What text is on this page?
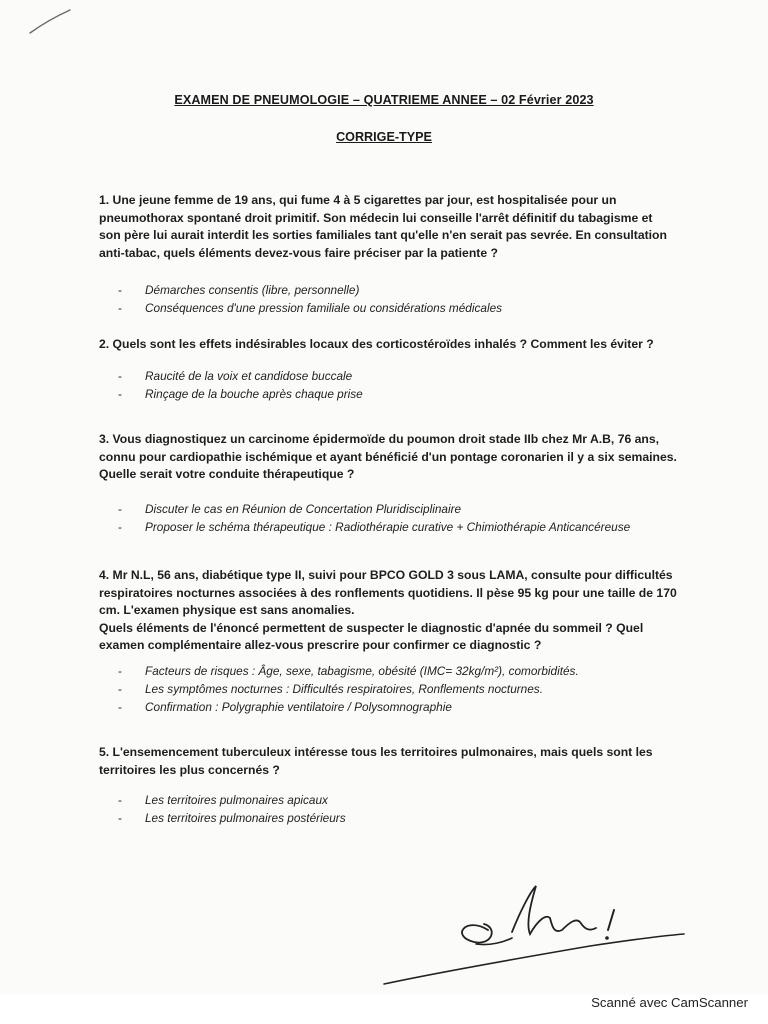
EXAMEN DE PNEUMOLOGIE – QUATRIEME ANNEE – 02 Février 2023
CORRIGE-TYPE
1. Une jeune femme de 19 ans, qui fume 4 à 5 cigarettes par jour, est hospitalisée pour un
pneumothorax spontané droit primitif. Son médecin lui conseille l'arrêt définitif du tabagisme et
son père lui aurait interdit les sorties familiales tant qu'elle n'en serait pas sevrée. En consultation
anti-tabac, quels éléments devez-vous faire préciser par la patiente ?
- Démarches consentis (libre, personnelle)
- Conséquences d'une pression familiale ou considérations médicales
2. Quels sont les effets indésirables locaux des corticostéroïdes inhalés ? Comment les éviter ?
- Raucité de la voix et candidose buccale
- Rinçage de la bouche après chaque prise
3. Vous diagnostiquez un carcinome épidermoïde du poumon droit stade IIb chez Mr A.B, 76 ans,
connu pour cardiopathie ischémique et ayant bénéficié d'un pontage coronarien il y a six semaines.
Quelle serait votre conduite thérapeutique ?
- Discuter le cas en Réunion de Concertation Pluridisciplinaire
- Proposer le schéma thérapeutique : Radiothérapie curative + Chimiothérapie Anticancéreuse
4. Mr N.L, 56 ans, diabétique type II, suivi pour BPCO GOLD 3 sous LAMA, consulte pour difficultés
respiratoires nocturnes associées à des ronflements quotidiens. Il pèse 95 kg pour une taille de 170
cm. L'examen physique est sans anomalies.
Quels éléments de l'énoncé permettent de suspecter le diagnostic d'apnée du sommeil ? Quel
examen complémentaire allez-vous prescrire pour confirmer ce diagnostic ?
- Facteurs de risques : Âge, sexe, tabagisme, obésité (IMC= 32kg/m²), comorbidités.
- Les symptômes nocturnes : Difficultés respiratoires, Ronflements nocturnes.
- Confirmation : Polygraphie ventilatoire / Polysomnographie
5. L'ensemencement tuberculeux intéresse tous les territoires pulmonaires, mais quels sont les
territoires les plus concernés ?
- Les territoires pulmonaires apicaux
- Les territoires pulmonaires postérieurs
Scanné avec CamScanner
